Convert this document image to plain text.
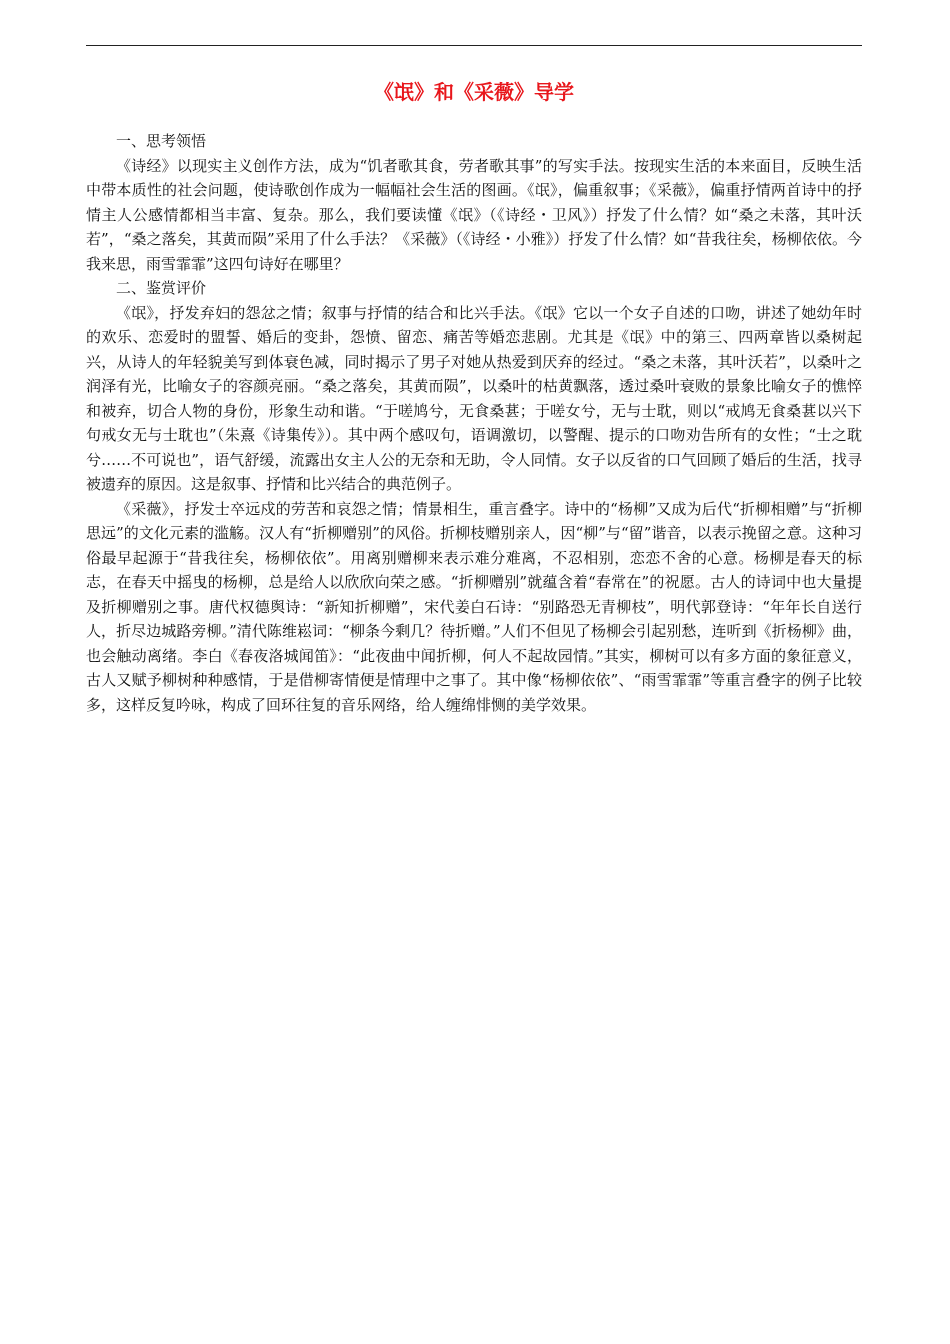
《氓》和《采薇》导学

一、思考领悟

《诗经》以现实主义创作方法，成为“饥者歌其食，劳者歌其事”的写实手法。按现实生活的本来面目，反映生活中带本质性的社会问题，使诗歌创作成为一幅幅社会生活的图画。《氓》，偏重叙事；《采薇》，偏重抒情两首诗中的抒情主人公感情都相当丰富、复杂。那么，我们要读懂《氓》（《诗经・卫风》）抒发了什么情？如“桑之未落，其叶沃若”，“桑之落矣，其黄而陨”采用了什么手法？《采薇》（《诗经・小雅》）抒发了什么情？如“昔我往矣，杨柳依依。今我来思，雨雪霏霏”这四句诗好在哪里？

二、鉴赏评价

《氓》，抒发弃妇的怨忿之情；叙事与抒情的结合和比兴手法。《氓》它以一个女子自述的口吻，讲述了她幼年时的欢乐、恋爱时的盟誓、婚后的变卦，怨愤、留恋、痛苦等婚恋悲剧。尤其是《氓》中的第三、四两章皆以桑树起兴，从诗人的年轻貌美写到体衰色减，同时揭示了男子对她从热爱到厌弃的经过。“桑之未落，其叶沃若”，以桑叶之润泽有光，比喻女子的容颜亮丽。“桑之落矣，其黄而陨”，以桑叶的枯黄飘落，透过桑叶衰败的景象比喻女子的憔悴和被弃，切合人物的身份，形象生动和谐。“于嗟鸠兮，无食桑葚；于嗟女兮，无与士耽，则以“戒鸠无食桑葚以兴下句戒女无与士耽也”（朱熹《诗集传》）。其中两个感叹句，语调激切，以警醒、提示的口吻劝告所有的女性；“士之耽兮……不可说也”，语气舒缓，流露出女主人公的无奈和无助，令人同情。女子以反省的口气回顾了婚后的生活，找寻被遗弃的原因。这是叙事、抒情和比兴结合的典范例子。

《采薇》，抒发士卒远戍的劳苦和哀怨之情；情景相生，重言叠字。诗中的“杨柳”又成为后代“折柳相赠”与“折柳思远”的文化元素的滥觞。汉人有“折柳赠别”的风俗。折柳枝赠别亲人，因“柳”与“留”谐音，以表示挽留之意。这种习俗最早起源于“昔我往矣，杨柳依依”。用离别赠柳来表示难分难离，不忍相别，恋恋不舍的心意。杨柳是春天的标志，在春天中摇曳的杨柳，总是给人以欣欣向荣之感。“折柳赠别”就蕴含着“春常在”的祝愿。古人的诗词中也大量提及折柳赠别之事。唐代权德舆诗：“新知折柳赠”，宋代姜白石诗：“别路恐无青柳枝”，明代郭登诗：“年年长自送行人，折尽边城路旁柳。”清代陈维崧词：“柳条今剩几？待折赠。”人们不但见了杨柳会引起别愁，连听到《折杨柳》曲，也会触动离绪。李白《春夜洛城闻笛》：“此夜曲中闻折柳，何人不起故园情。”其实，柳树可以有多方面的象征意义，古人又赋予柳树种种感情，于是借柳寄情便是情理中之事了。其中像“杨柳依依”、“雨雪霏霏”等重言叠字的例子比较多，这样反复吟咏，构成了回环往复的音乐网络，给人缠绵悱恻的美学效果。
